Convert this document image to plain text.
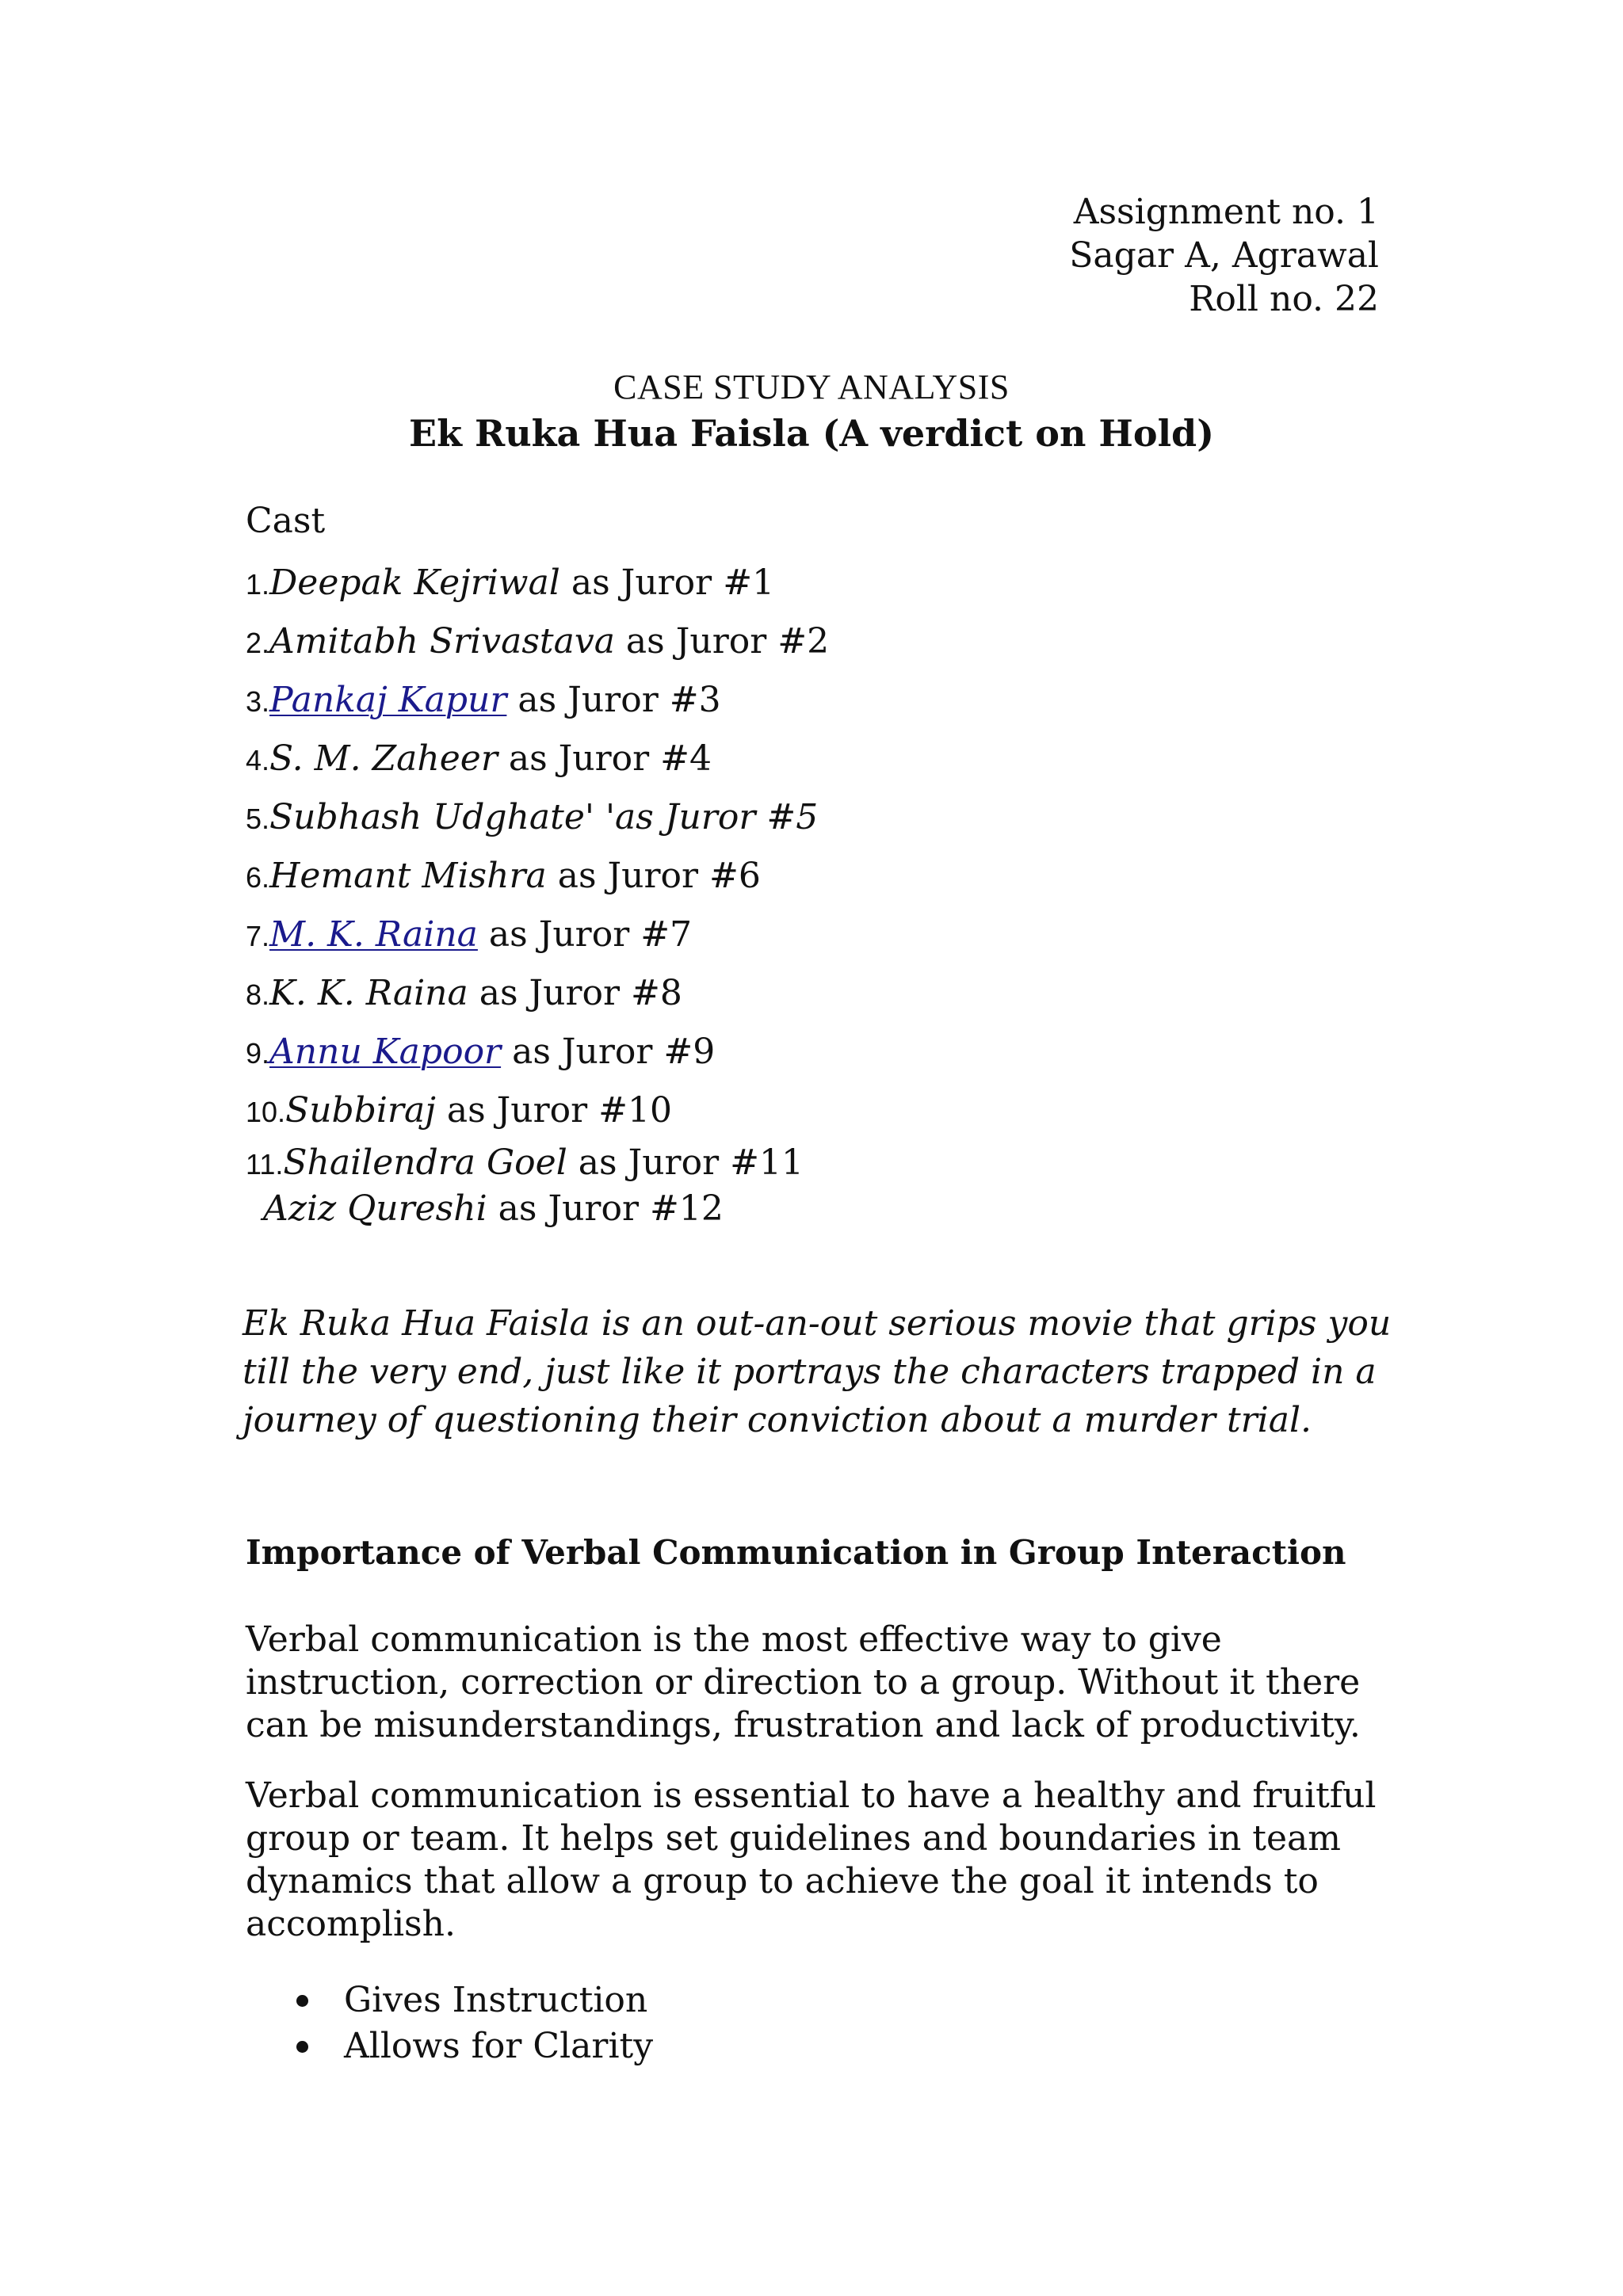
Assignment no. 1
Sagar A, Agrawal
Roll no. 22
CASE STUDY ANALYSIS
Ek Ruka Hua Faisla (A verdict on Hold)
Cast
1.Deepak Kejriwal as Juror #1
2.Amitabh Srivastava as Juror #2
3.Pankaj Kapur as Juror #3
4.S. M. Zaheer as Juror #4
5.Subhash Udghate' 'as Juror #5
6.Hemant Mishra as Juror #6
7.M. K. Raina as Juror #7
8.K. K. Raina as Juror #8
9.Annu Kapoor as Juror #9
10.Subbiraj as Juror #10
11.Shailendra Goel as Juror #11
Aziz Qureshi as Juror #12
Ek Ruka Hua Faisla is an out-an-out serious movie that grips you till the very end, just like it portrays the characters trapped in a journey of questioning their conviction about a murder trial.
Importance of Verbal Communication in Group Interaction
Verbal communication is the most effective way to give instruction, correction or direction to a group. Without it there can be misunderstandings, frustration and lack of productivity.
Verbal communication is essential to have a healthy and fruitful group or team. It helps set guidelines and boundaries in team dynamics that allow a group to achieve the goal it intends to accomplish.
Gives Instruction
Allows for Clarity
